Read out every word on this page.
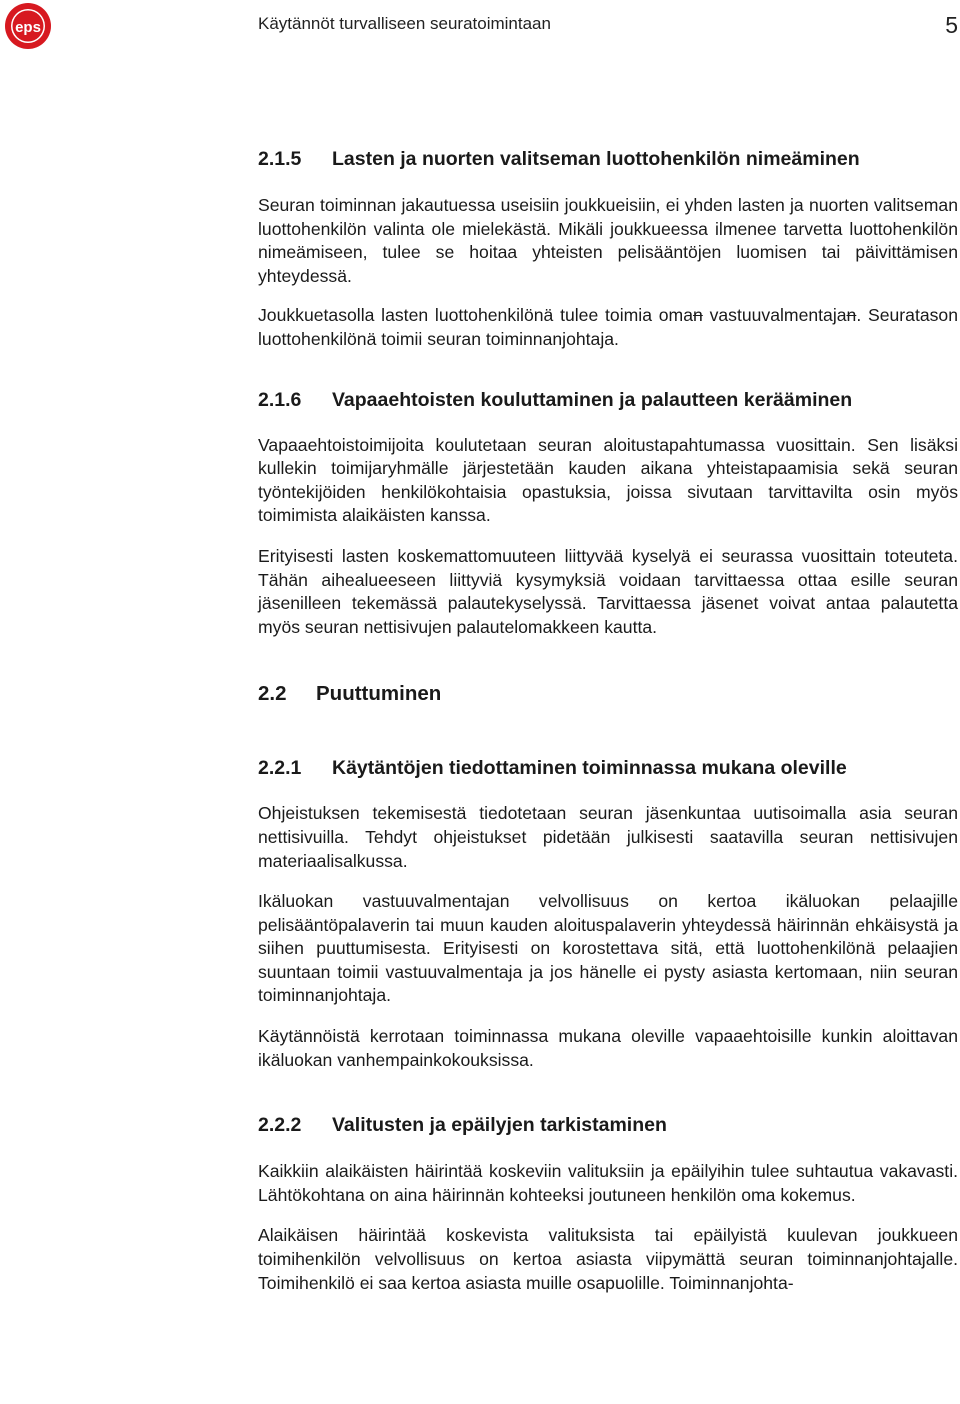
eps	Käytännöt turvalliseen seuratoimintaan	5
2.1.5 Lasten ja nuorten valitseman luottohenkilön nimeäminen

Seuran toiminnan jakautuessa useisiin joukkueisiin, ei yhden lasten ja nuorten valitseman luottohenkilön valinta ole mielekästä. Mikäli joukkueessa ilmenee tarvetta luottohenkilön nimeämiseen, tulee se hoitaa yhteisten pelisääntöjen luomisen tai päivittämisen yhteydessä.

Joukkuetasolla lasten luottohenkilönä tulee toimia oman vastuuvalmentajan. Seuratason luottohenkilönä toimii seuran toiminnanjohtaja.

2.1.6 Vapaaehtoisten kouluttaminen ja palautteen kerääminen

Vapaaehtoistoimijoita koulutetaan seuran aloitustapahtumassa vuosittain. Sen lisäksi kullekin toimijaryhmälle järjestetään kauden aikana yhteistapaamisia sekä seuran työntekijöiden henkilökohtaisia opastuksia, joissa sivutaan tarvittavilta osin myös toimimista alaikäisten kanssa.

Erityisesti lasten koskemattomuuteen liittyvää kyselyä ei seurassa vuosittain toteuteta. Tähän aihealueeseen liittyviä kysymyksiä voidaan tarvittaessa ottaa esille seuran jäsenilleen tekemässä palautekyselyssä. Tarvittaessa jäsenet voivat antaa palautetta myös seuran nettisivujen palautelomakkeen kautta.

2.2 Puuttuminen
2.2.1 Käytäntöjen tiedottaminen toiminnassa mukana oleville

Ohjeistuksen tekemisestä tiedotetaan seuran jäsenkuntaa uutisoimalla asia seuran nettisivuilla. Tehdyt ohjeistukset pidetään julkisesti saatavilla seuran nettisivujen materiaalisalkussa.

Ikäluokan vastuuvalmentajan velvollisuus on kertoa ikäluokan pelaajille pelisääntöpalaverin tai muun kauden aloituspalaverin yhteydessä häirinnän ehkäisystä ja siihen puuttumisesta. Erityisesti on korostettava sitä, että luottohenkilönä pelaajien suuntaan toimii vastuuvalmentaja ja jos hänelle ei pysty asiasta kertomaan, niin seuran toiminnanjohtaja.

Käytännöistä kerrotaan toiminnassa mukana oleville vapaaehtoisille kunkin aloittavan ikäluokan vanhempainkokouksissa.

2.2.2 Valitusten ja epäilyjen tarkistaminen

Kaikkiin alaikäisten häirintää koskeviin valituksiin ja epäilyihin tulee suhtautua vakavasti. Lähtökohtana on aina häirinnän kohteeksi joutuneen henkilön oma kokemus.

Alaikäisen häirintää koskevista valituksista tai epäilyistä kuulevan joukkueen toimihenkilön velvollisuus on kertoa asiasta viipymättä seuran toiminnanjohtajalle. Toimihenkilö ei saa kertoa asiasta muille osapuolille. Toiminnanjohta-
